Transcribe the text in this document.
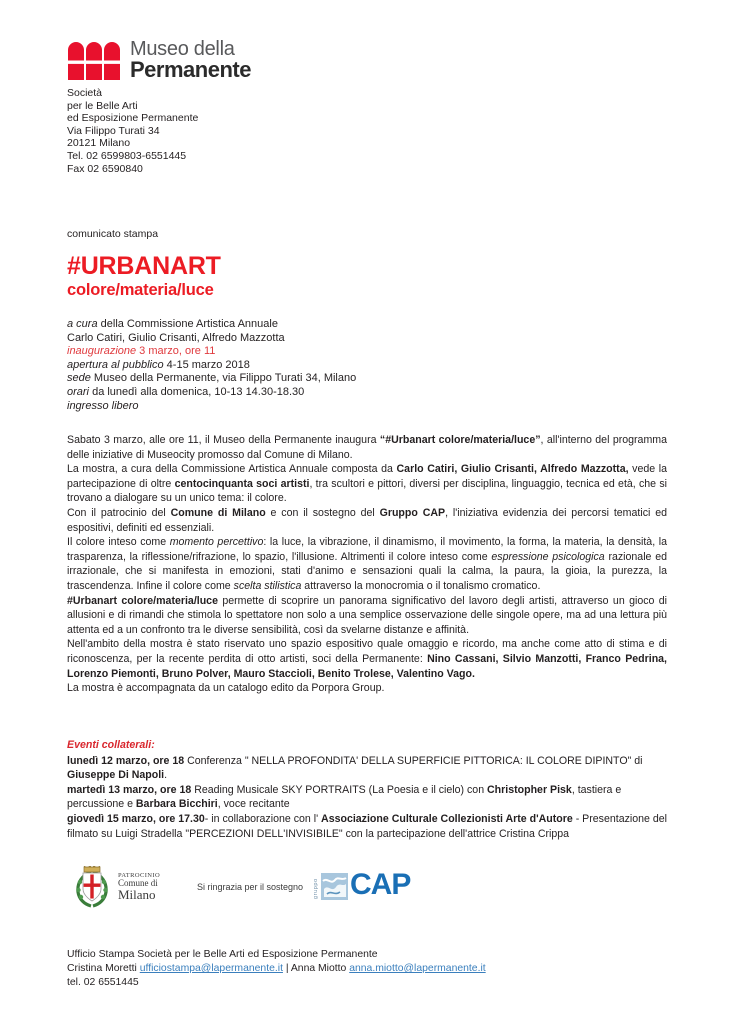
Museo della
Permanente
Società
per le Belle Arti
ed Esposizione Permanente
Via Filippo Turati 34
20121 Milano
Tel. 02 6599803-6551445
Fax 02 6590840
comunicato stampa
#URBANART
colore/materia/luce
a cura della Commissione Artistica Annuale
Carlo Catiri, Giulio Crisanti, Alfredo Mazzotta
inaugurazione 3 marzo, ore 11
apertura al pubblico 4-15 marzo 2018
sede Museo della Permanente, via Filippo Turati 34, Milano
orari da lunedì alla domenica, 10-13 14.30-18.30
ingresso libero

Sabato 3 marzo, alle ore 11, il Museo della Permanente inaugura “#Urbanart colore/materia/luce”, all'interno del programma delle iniziative di Museocity promosso dal Comune di Milano.

La mostra, a cura della Commissione Artistica Annuale composta da Carlo Catiri, Giulio Crisanti, Alfredo Mazzotta, vede la partecipazione di oltre centocinquanta soci artisti, tra scultori e pittori, diversi per disciplina, linguaggio, tecnica ed età, che si trovano a dialogare su un unico tema: il colore.

Con il patrocinio del Comune di Milano e con il sostegno del Gruppo CAP, l'iniziativa evidenzia dei percorsi tematici ed espositivi, definiti ed essenziali.

Il colore inteso come momento percettivo: la luce, la vibrazione, il dinamismo, il movimento, la forma, la materia, la densità, la trasparenza, la riflessione/rifrazione, lo spazio, l'illusione. Altrimenti il colore inteso come espressione psicologica razionale ed irrazionale, che si manifesta in emozioni, stati d'animo e sensazioni quali la calma, la paura, la gioia, la purezza, la trascendenza. Infine il colore come scelta stilistica attraverso la monocromia o il tonalismo cromatico.

#Urbanart colore/materia/luce permette di scoprire un panorama significativo del lavoro degli artisti, attraverso un gioco di allusioni e di rimandi che stimola lo spettatore non solo a una semplice osservazione delle singole opere, ma ad una lettura più attenta ed a un confronto tra le diverse sensibilità, così da svelarne distanze e affinità.

Nell'ambito della mostra è stato riservato uno spazio espositivo quale omaggio e ricordo, ma anche come atto di stima e di riconoscenza, per la recente perdita di otto artisti, soci della Permanente: Nino Cassani, Silvio Manzotti, Franco Pedrina, Lorenzo Piemonti, Bruno Polver, Mauro Staccioli, Benito Trolese, Valentino Vago.

La mostra è accompagnata da un catalogo edito da Porpora Group.

Eventi collaterali:

lunedì 12 marzo, ore 18 Conferenza " NELLA PROFONDITA' DELLA SUPERFICIE PITTORICA: IL COLORE DIPINTO" di Giuseppe Di Napoli.

martedì 13 marzo, ore 18 Reading Musicale SKY PORTRAITS (La Poesia e il cielo) con Christopher Pisk, tastiera e percussione e Barbara Bicchiri, voce recitante

giovedì 15 marzo, ore 17.30- in collaborazione con l' Associazione Culturale Collezionisti Arte d'Autore - Presentazione del filmato su Luigi Stradella "PERCEZIONI DELL'INVISIBILE" con la partecipazione dell'attrice Cristina Crippa

PATROCINIO
Comune di
Milano
Si ringrazia per il sostegno gruppo CAP

Ufficio Stampa Società per le Belle Arti ed Esposizione Permanente

Cristina Moretti ufficiostampa@lapermanente.it | Anna Miotto anna.miotto@lapermanente.it

tel. 02 6551445
